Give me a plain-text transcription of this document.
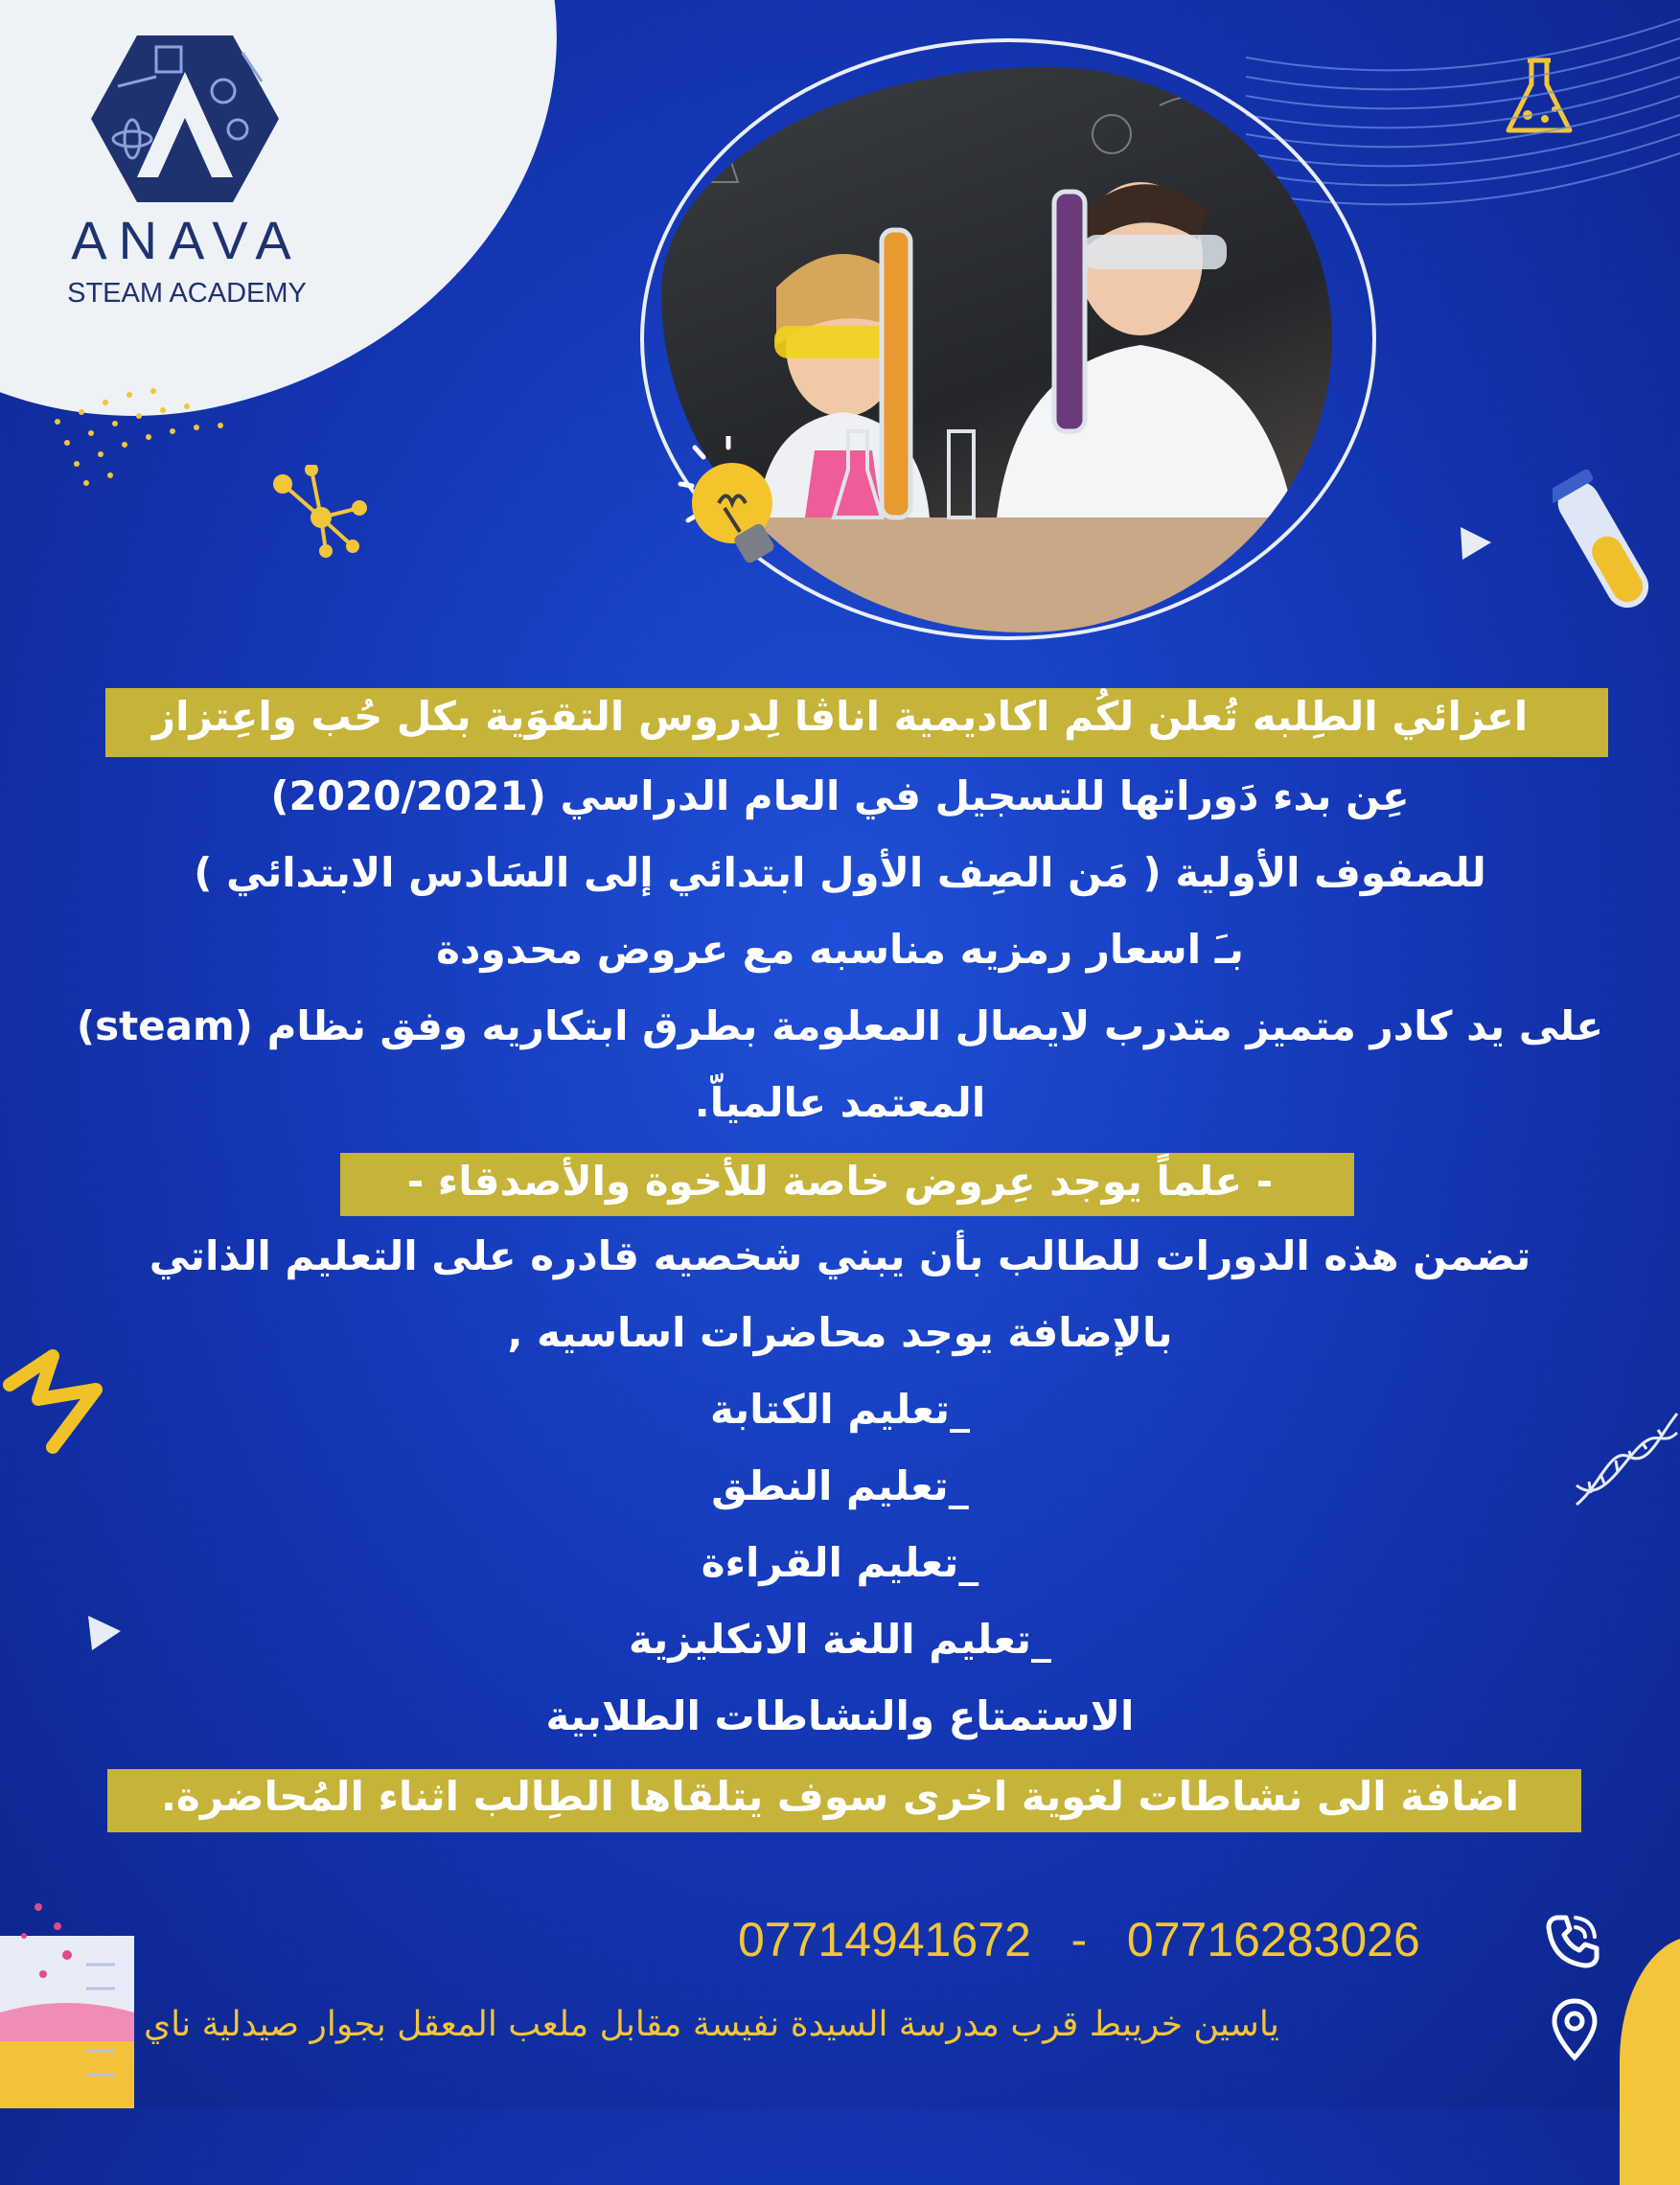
ANAVA
STEAM ACADEMY
اعزائي الطِلبه تُعلن لكُم اكاديمية اناڤا لِدروس التقوَية بكل حُب واعِتزاز
عِن بدء دَوراتها للتسجيل في العام الدراسي (2020/2021)
للصفوف الأولية ( مَن الصِف الأول ابتدائي إلى السَادس الابتدائي )
بـَ اسعار رمزيه مناسبه مع عروض محدودة
على يد كادر متميز متدرب لايصال المعلومة بطرق ابتكاريه وفق نظام (steam)
المعتمد عالمياّ.
- علماً يوجد عِروض خاصة للأخوة والأصدقاء -
تضمن هذه الدورات للطالب بأن يبني شخصيه قادره على التعليم الذاتي
بالإضافة يوجد محاضرات اساسيه ,
_تعليم الكتابة
_تعليم النطق
_تعليم القراءة
_تعليم اللغة الانكليزية
الاستمتاع والنشاطات الطلابية
اضافة الى نشاطات لغوية اخرى سوف يتلقاها الطِالب اثناء المُحاضرة.
07714941672   -   07716283026
ياسين خريبط قرب مدرسة السيدة نفيسة مقابل ملعب المعقل بجوار صيدلية ناي
